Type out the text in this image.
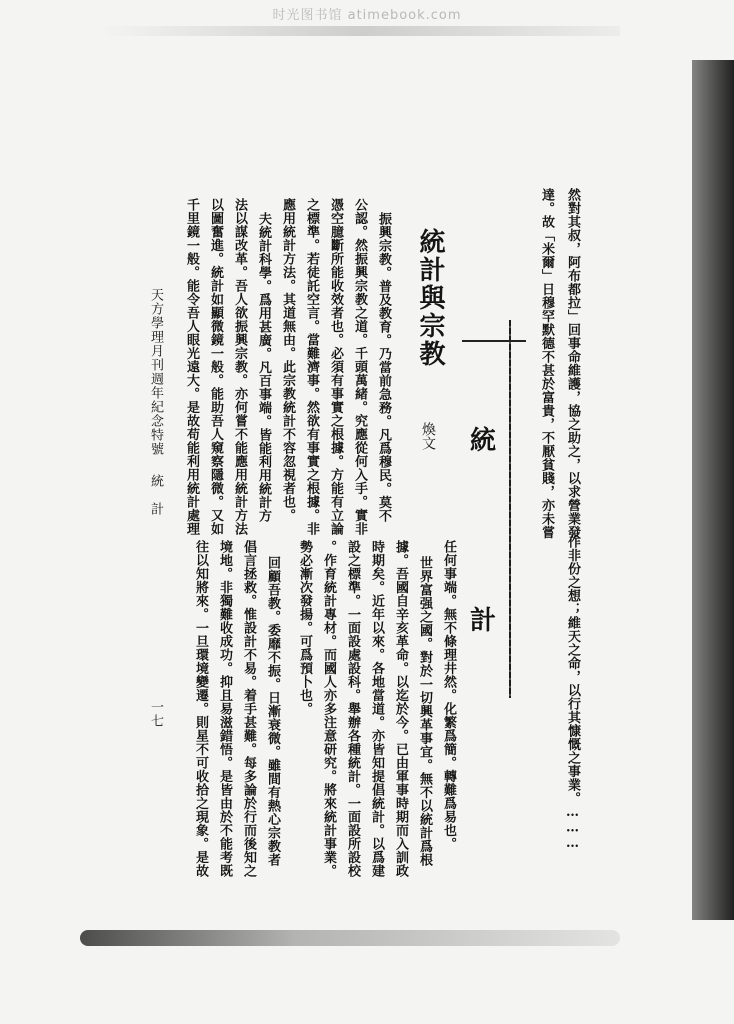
时光图书馆 atimebook.com
然對其叔，阿布都拉」回事命維護，協之助之，以求營業發
達。故「米爾」日穆罕默德不甚於富貴，不厭貧賤，亦未嘗
作非份之想；維天之命，以行其慷慨之事業。………
統
計
統計與宗教
煥文
振興宗教。普及教育。乃當前急務。凡爲穆民。莫不
公認。然振興宗教之道。千頭萬緒。究應從何入手。實非
憑空臆斷所能收效者也。必須有事實之根據。方能有立論
之標準。若徒託空言。當難濟事。然欲有事實之根據。非
應用統計方法。其道無由。此宗教統計不容忽視者也。
夫統計科學。爲用甚廣。凡百事端。皆能利用統計方
法以謀改革。吾人欲振興宗教。亦何嘗不能應用統計方法
以圖奮進。統計如顯微鏡一般。能助吾人窺察隱微。又如
千里鏡一般。能令吾人眼光遠大。是故苟能利用統計處理
任何事端。無不條理井然。化繁爲簡。轉難爲易也。
世界富强之國。對於一切興革事宜。無不以統計爲根
據。吾國自辛亥革命。以迄於今。已由軍事時期而入訓政
時期矣。近年以來。各地當道。亦皆知提倡統計。以爲建
設之標準。一面設處設科。舉辦各種統計。一面設所設校
。作育統計專材。而國人亦多注意研究。將來統計事業。
勢必漸次發揚。可爲預卜也。
回顧吾教。委靡不振。日漸衰微。雖間有熱心宗教者
倡言拯救。惟設計不易。着手甚難。每多論於行而後知之
境地。非獨難收成功。抑且易滋錯悟。是皆由於不能考既
往以知將來。一旦環境變遷。則星不可收拾之現象。是故
天方學理月刊週年紀念特號
統　計
一七
